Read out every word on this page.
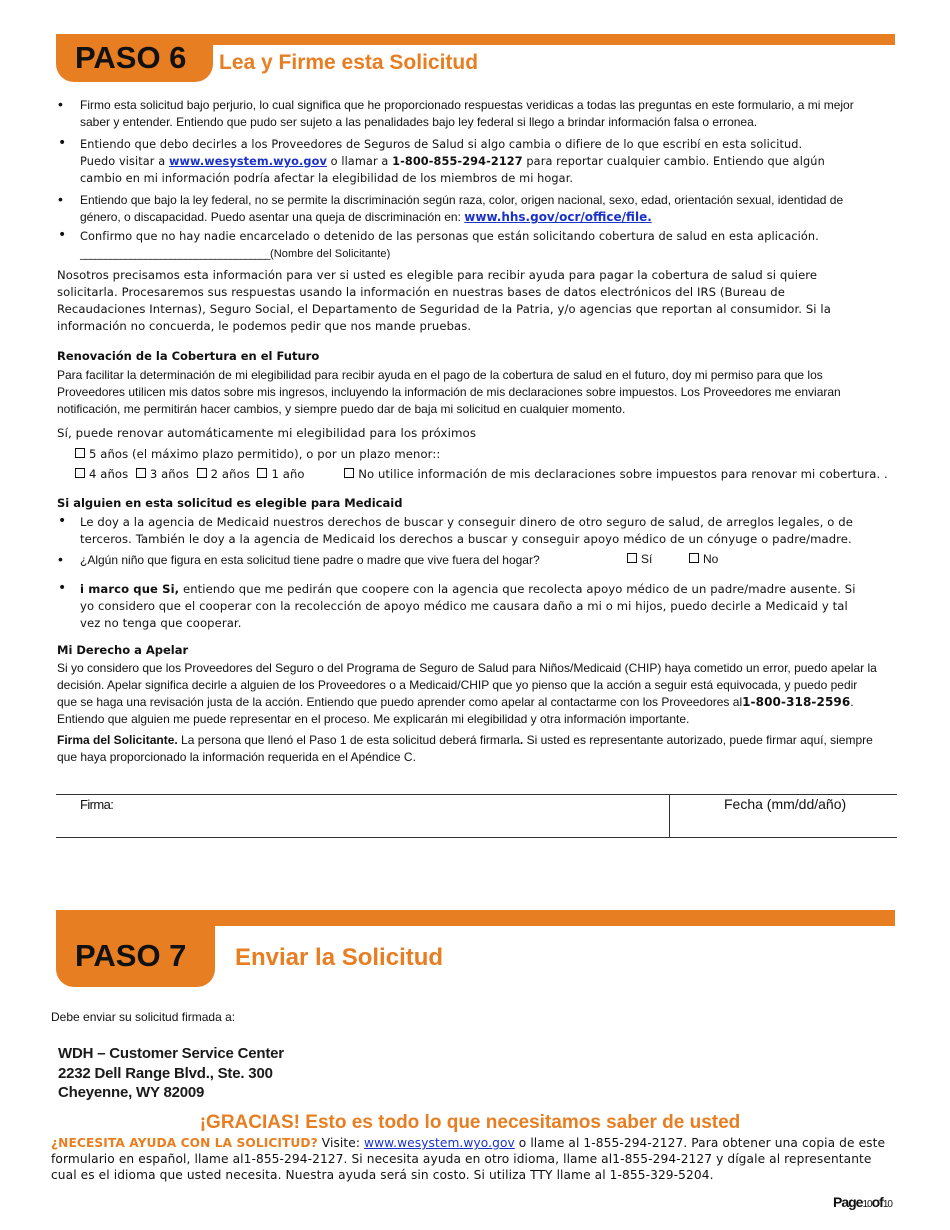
PASO 6 Lea y Firme esta Solicitud
• Firmo esta solicitud bajo perjurio, lo cual significa que he proporcionado respuestas veridicas a todas las preguntas en este formulario, a mi mejor saber y entender. Entiendo que pudo ser sujeto a las penalidades bajo ley federal si llego a brindar información falsa o erronea.
• Entiendo que debo decirles a los Proveedores de Seguros de Salud si algo cambia o difiere de lo que escribí en esta solicitud.
Puedo visitar a www.wesystem.wyo.gov o llamar a 1-800-855-294-2127 para reportar cualquier cambio. Entiendo que algún cambio en mi información podría afectar la elegibilidad de los miembros de mi hogar.
• Entiendo que bajo la ley federal, no se permite la discriminación según raza, color, origen nacional, sexo, edad, orientación sexual, identidad de género, o discapacidad. Puedo asentar una queja de discriminación en: www.hhs.gov/ocr/office/file.
• Confirmo que no hay nadie encarcelado o detenido de las personas que están solicitando cobertura de salud en esta aplicación.
______________________________________(Nombre del Solicitante)
Nosotros precisamos esta información para ver si usted es elegible para recibir ayuda para pagar la cobertura de salud si quiere solicitarla. Procesaremos sus respuestas usando la información en nuestras bases de datos electrónicos del IRS (Bureau de Recaudaciones Internas), Seguro Social, el Departamento de Seguridad de la Patria, y/o agencias que reportan al consumidor. Si la información no concuerda, le podemos pedir que nos mande pruebas.
Renovación de la Cobertura en el Futuro
Para facilitar la determinación de mi elegibilidad para recibir ayuda en el pago de la cobertura de salud en el futuro, doy mi permiso para que los Proveedores utilicen mis datos sobre mis ingresos, incluyendo la información de mis declaraciones sobre impuestos. Los Proveedores me enviaran notificación, me permitirán hacer cambios, y siempre puedo dar de baja mi solicitud en cualquier momento.
Sí, puede renovar automáticamente mi elegibilidad para los próximos
5 años (el máximo plazo permitido), o por un plazo menor::
4 años 3 años 2 años 1 año	No utilice información de mis declaraciones sobre impuestos para renovar mi cobertura. .
Si alguien en esta solicitud es elegible para Medicaid
• Le doy a la agencia de Medicaid nuestros derechos de buscar y conseguir dinero de otro seguro de salud, de arreglos legales, o de terceros. También le doy a la agencia de Medicaid los derechos a buscar y conseguir apoyo médico de un cónyuge o padre/madre.
• ¿Algún niño que figura en esta solicitud tiene padre o madre que vive fuera del hogar?	Sí	No
• i marco que Si, entiendo que me pedirán que coopere con la agencia que recolecta apoyo médico de un padre/madre ausente. Si yo considero que el cooperar con la recolección de apoyo médico me causara daño a mi o mi hijos, puedo decirle a Medicaid y tal vez no tenga que cooperar.
Mi Derecho a Apelar
Si yo considero que los Proveedores del Seguro o del Programa de Seguro de Salud para Niños/Medicaid (CHIP) haya cometido un error, puedo apelar la decisión. Apelar significa decirle a alguien de los Proveedores o a Medicaid/CHIP que yo pienso que la acción a seguir está equivocada, y puedo pedir que se haga una revisación justa de la acción. Entiendo que puedo aprender como apelar al contactarme con los Proveedores al1-800-318-2596. Entiendo que alguien me puede representar en el proceso. Me explicarán mi elegibilidad y otra información importante.
Firma del Solicitante. La persona que llenó el Paso 1 de esta solicitud deberá firmarla. Si usted es representante autorizado, puede firmar aquí, siempre que haya proporcionado la información requerida en el Apéndice C.
Firma:	Fecha (mm/dd/año)
PASO 7 Enviar la Solicitud
Debe enviar su solicitud firmada a:
WDH – Customer Service Center
2232 Dell Range Blvd., Ste. 300
Cheyenne, WY 82009
¡GRACIAS! Esto es todo lo que necesitamos saber de usted
¿NECESITA AYUDA CON LA SOLICITUD? Visite: www.wesystem.wyo.gov o llame al 1-855-294-2127. Para obtener una copia de este formulario en español, llame al1-855-294-2127. Si necesita ayuda en otro idioma, llame al1-855-294-2127 y dígale al representante cual es el idioma que usted necesita. Nuestra ayuda será sin costo. Si utiliza TTY llame al 1-855-329-5204.
Page10of10
